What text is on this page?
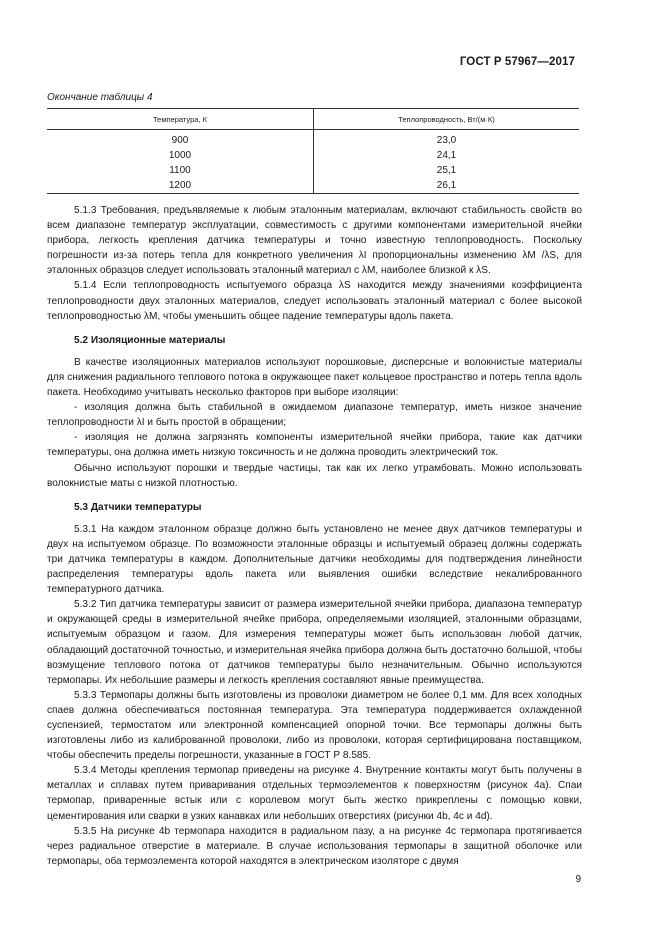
ГОСТ Р 57967—2017
Окончание таблицы 4
Температура, К	Теплопроводность, Вт/(м·К)
900	23,0
1000	24,1
1100	25,1
1200	26,1

5.1.3 Требования, предъявляемые к любым эталонным материалам, включают стабильность свойств во всем диапазоне температур эксплуатации, совместимость с другими компонентами измерительной ячейки прибора, легкость крепления датчика температуры и точно известную теплопроводность. Поскольку погрешности из-за потерь тепла для конкретного увеличения λI пропорциональны изменению λM /λS, для эталонных образцов следует использовать эталонный материал с λM, наиболее близкой к λS.

5.1.4 Если теплопроводность испытуемого образца λS находится между значениями коэффициента теплопроводности двух эталонных материалов, следует использовать эталонный материал с более высокой теплопроводностью λM, чтобы уменьшить общее падение температуры вдоль пакета.

5.2 Изоляционные материалы

В качестве изоляционных материалов используют порошковые, дисперсные и волокнистые материалы для снижения радиального теплового потока в окружающее пакет кольцевое пространство и потерь тепла вдоль пакета. Необходимо учитывать несколько факторов при выборе изоляции:

- изоляция должна быть стабильной в ожидаемом диапазоне температур, иметь низкое значение теплопроводности λI и быть простой в обращении;

- изоляция не должна загрязнять компоненты измерительной ячейки прибора, такие как датчики температуры, она должна иметь низкую токсичность и не должна проводить электрический ток.

Обычно используют порошки и твердые частицы, так как их легко утрамбовать. Можно использовать волокнистые маты с низкой плотностью.

5.3 Датчики температуры

5.3.1 На каждом эталонном образце должно быть установлено не менее двух датчиков температуры и двух на испытуемом образце. По возможности эталонные образцы и испытуемый образец должны содержать три датчика температуры в каждом. Дополнительные датчики необходимы для подтверждения линейности распределения температуры вдоль пакета или выявления ошибки вследствие некалиброванного температурного датчика.

5.3.2 Тип датчика температуры зависит от размера измерительной ячейки прибора, диапазона температур и окружающей среды в измерительной ячейке прибора, определяемыми изоляцией, эталонными образцами, испытуемым образцом и газом. Для измерения температуры может быть использован любой датчик, обладающий достаточной точностью, и измерительная ячейка прибора должна быть достаточно большой, чтобы возмущение теплового потока от датчиков температуры было незначительным. Обычно используются термопары. Их небольшие размеры и легкость крепления составляют явные преимущества.

5.3.3 Термопары должны быть изготовлены из проволоки диаметром не более 0,1 мм. Для всех холодных спаев должна обеспечиваться постоянная температура. Эта температура поддерживается охлажденной суспензией, термостатом или электронной компенсацией опорной точки. Все термопары должны быть изготовлены либо из калиброванной проволоки, либо из проволоки, которая сертифицирована поставщиком, чтобы обеспечить пределы погрешности, указанные в ГОСТ Р 8.585.

5.3.4 Методы крепления термопар приведены на рисунке 4. Внутренние контакты могут быть получены в металлах и сплавах путем приваривания отдельных термоэлементов к поверхностям (рисунок 4a). Спаи термопар, приваренные встык или с королевом могут быть жестко прикреплены с помощью ковки, цементирования или сварки в узких канавках или небольших отверстиях (рисунки 4b, 4c и 4d).

5.3.5 На рисунке 4b термопара находится в радиальном пазу, а на рисунке 4c термопара протягивается через радиальное отверстие в материале. В случае использования термопары в защитной оболочке или термопары, оба термоэлемента которой находятся в электрическом изоляторе с двумя

9
